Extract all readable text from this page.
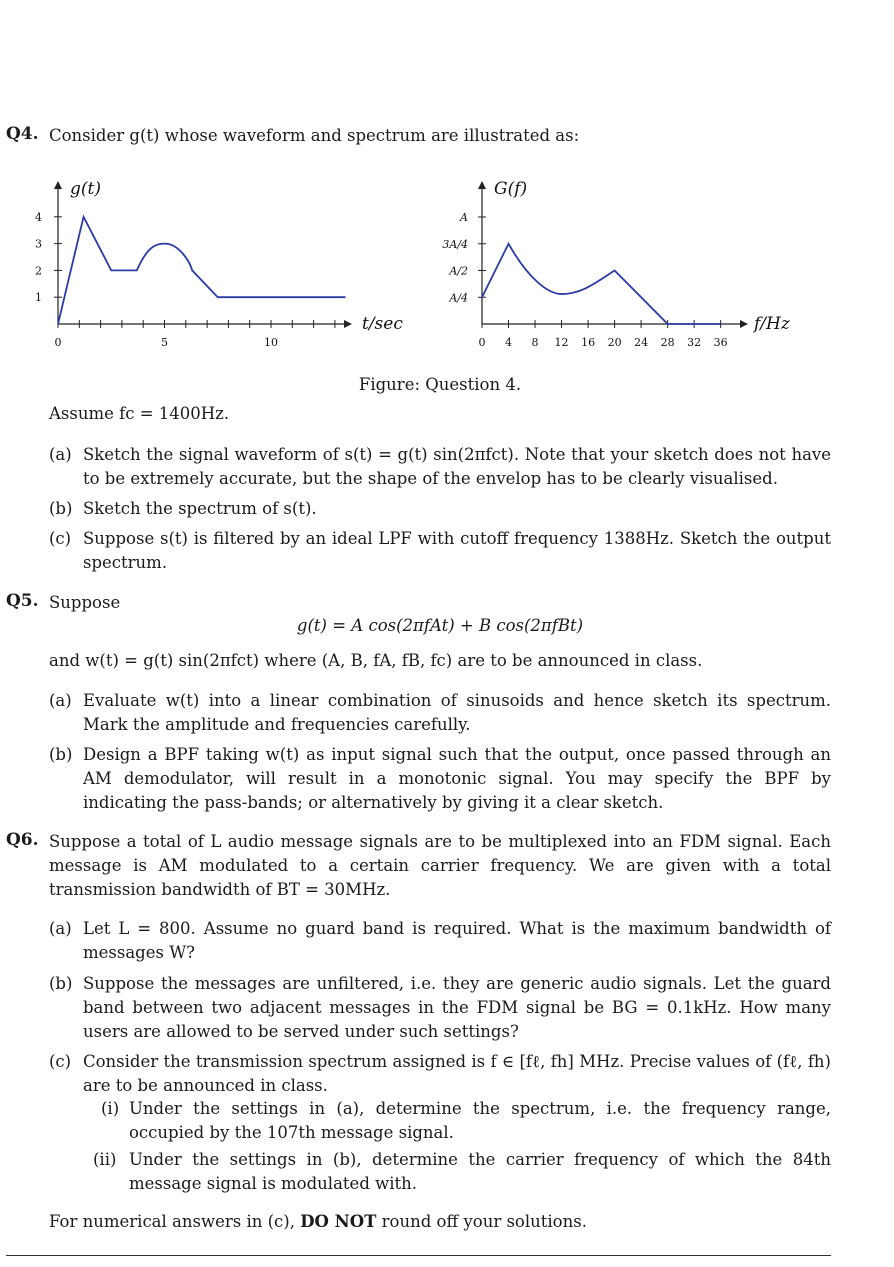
Q4. Consider g(t) whose waveform and spectrum are illustrated as:
g(t)
t/sec
0	5	10
1
2
3
4
G(f)
f/Hz
0 4 8 12 16 20 24 28 32 36
A/4
A/2
3A/4
A
Figure: Question 4.
Assume fc = 1400Hz.
(a) Sketch the signal waveform of s(t) = g(t) sin(2πfct). Note that your sketch does not have to be extremely accurate, but the shape of the envelop has to be clearly visualised.
(b) Sketch the spectrum of s(t).
(c) Suppose s(t) is filtered by an ideal LPF with cutoff frequency 1388Hz. Sketch the output spectrum.
Q5. Suppose
g(t) = A cos(2πfAt) + B cos(2πfBt)
and w(t) = g(t) sin(2πfct) where (A, B, fA, fB, fc) are to be announced in class.
(a) Evaluate w(t) into a linear combination of sinusoids and hence sketch its spectrum. Mark the amplitude and frequencies carefully.
(b) Design a BPF taking w(t) as input signal such that the output, once passed through an AM demodulator, will result in a monotonic signal. You may specify the BPF by indicating the pass-bands; or alternatively by giving it a clear sketch.
Q6. Suppose a total of L audio message signals are to be multiplexed into an FDM signal. Each message is AM modulated to a certain carrier frequency. We are given with a total transmission bandwidth of BT = 30MHz.
(a) Let L = 800. Assume no guard band is required. What is the maximum bandwidth of messages W?
(b) Suppose the messages are unfiltered, i.e. they are generic audio signals. Let the guard band between two adjacent messages in the FDM signal be BG = 0.1kHz. How many users are allowed to be served under such settings?
(c) Consider the transmission spectrum assigned is f ∈ [fℓ, fh] MHz. Precise values of (fℓ, fh) are to be announced in class.
(i) Under the settings in (a), determine the spectrum, i.e. the frequency range, occupied by the 107th message signal.
(ii) Under the settings in (b), determine the carrier frequency of which the 84th message signal is modulated with.
For numerical answers in (c), DO NOT round off your solutions.
